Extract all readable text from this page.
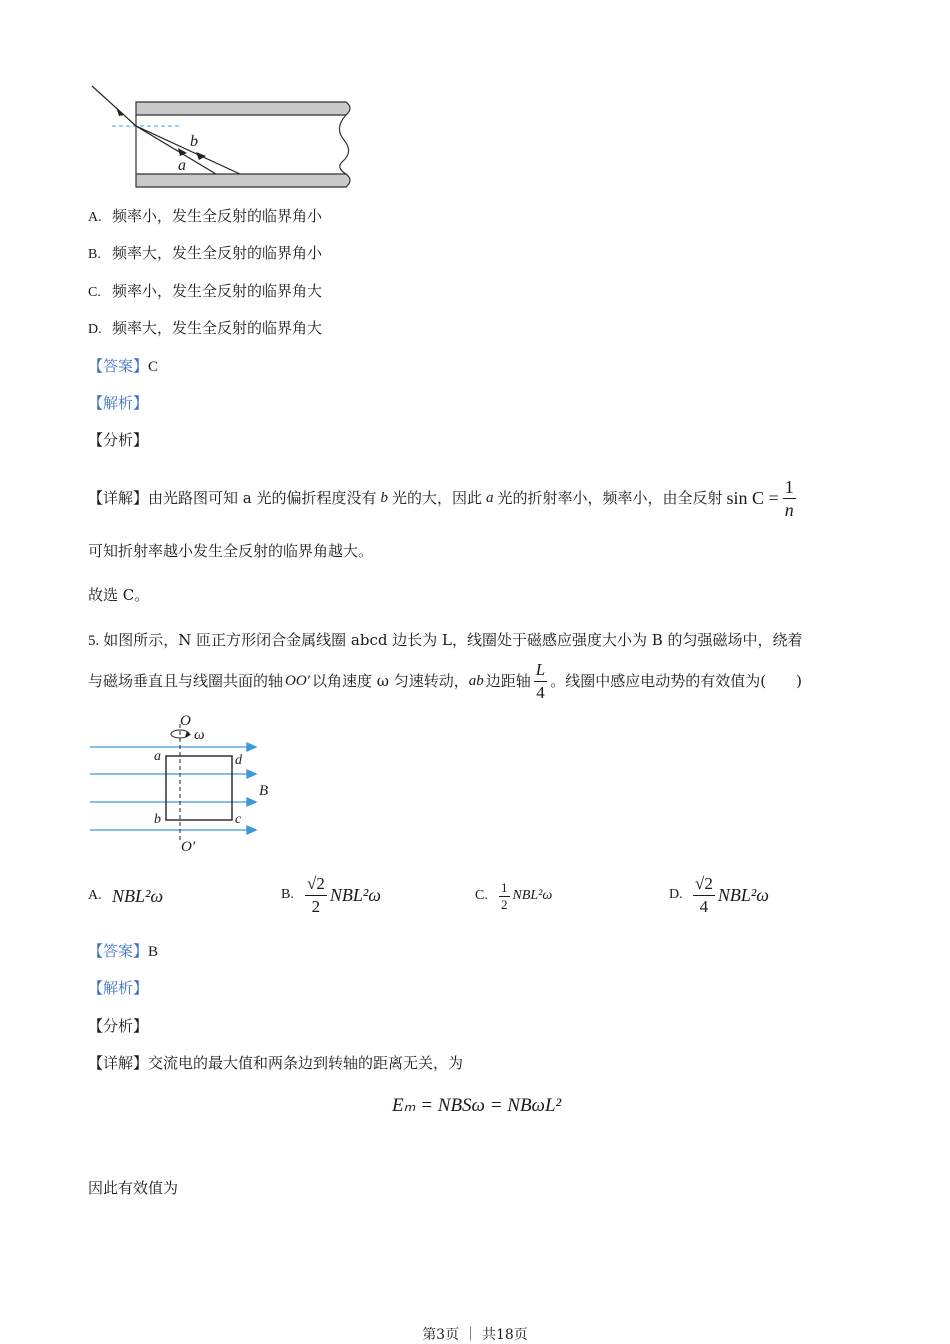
b
a
A. 频率小，发生全反射的临界角小
B. 频率大，发生全反射的临界角小
C. 频率小，发生全反射的临界角大
D. 频率大，发生全反射的临界角大
【答案】C
【解析】
【分析】
【详解】 由光路图可知 a 光的偏折程度没有 b 光的大，因此 a 光的折射率小，频率小，由全反射 $\sin C = \frac{1}{n}$
可知折射率越小发生全反射的临界角越大。
故选 C。
5. 如图所示，N 匝正方形闭合金属线圈 abcd 边长为 L，线圈处于磁感应强度大小为 B 的匀强磁场中，绕着
与磁场垂直且与线圈共面的轴 OO′ 以角速度 ω 匀速转动， ab 边距轴 $\frac{L}{4}$ 。线圈中感应电动势的有效值为(　　)
O
ω
a	d
b	c
B
O′
A. NBL²ω	B. $\frac{√2}{2} NBL^2\omega$	C. $\frac{1}{2} NBL^2\omega$	D. $\frac{√2}{4} NBL^2\omega$
【答案】B
【解析】
【分析】
【详解】交流电的最大值和两条边到转轴的距离无关，为
Eₘ = NBSω = NBωL²
因此有效值为
第3页 ｜ 共18页
